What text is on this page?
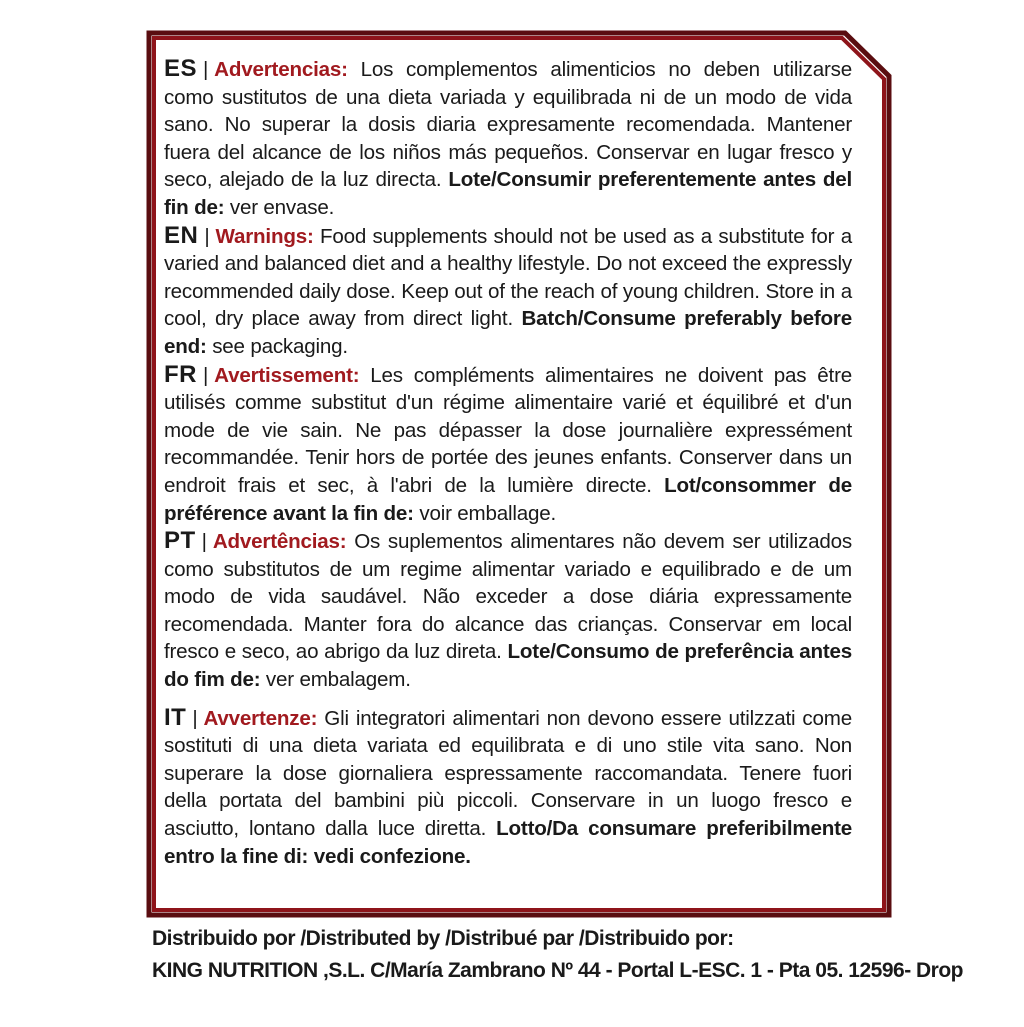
ES | Advertencias: Los complementos alimenticios no deben utilizarse como sustitutos de una dieta variada y equilibrada ni de un modo de vida sano. No superar la dosis diaria expresamente recomendada. Mantener fuera del alcance de los niños más pequeños. Conservar en lugar fresco y seco, alejado de la luz directa. Lote/Consumir preferentemente antes del fin de: ver envase.

EN | Warnings: Food supplements should not be used as a substitute for a varied and balanced diet and a healthy lifestyle. Do not exceed the expressly recommended daily dose. Keep out of the reach of young children. Store in a cool, dry place away from direct light. Batch/Consume preferably before end: see packaging.

FR | Avertissement: Les compléments alimentaires ne doivent pas être utilisés comme substitut d'un régime alimentaire varié et équilibré et d'un mode de vie sain. Ne pas dépasser la dose journalière expressément recommandée. Tenir hors de portée des jeunes enfants. Conserver dans un endroit frais et sec, à l'abri de la lumière directe. Lot/consommer de préférence avant la fin de: voir emballage.

PT | Advertências: Os suplementos alimentares não devem ser utilizados como substitutos de um regime alimentar variado e equilibrado e de um modo de vida saudável. Não exceder a dose diária expressamente recomendada. Manter fora do alcance das crianças. Conservar em local fresco e seco, ao abrigo da luz direta. Lote/Consumo de preferência antes do fim de: ver embalagem.

IT | Avvertenze: Gli integratori alimentari non devono essere utilzzati come sostituti di una dieta variata ed equilibrata e di uno stile vita sano. Non superare la dose giornaliera espressamente raccomandata. Tenere fuori della portata del bambini più piccoli. Conservare in un luogo fresco e asciutto, lontano dalla luce diretta. Lotto/Da consumare preferibilmente entro la fine di: vedi confezione.

Distribuido por /Distributed by /Distribué par /Distribuido por:
KING NUTRITION ,S.L. C/María Zambrano Nº 44 - Portal L-ESC. 1 - Pta 05. 12596- Drop
